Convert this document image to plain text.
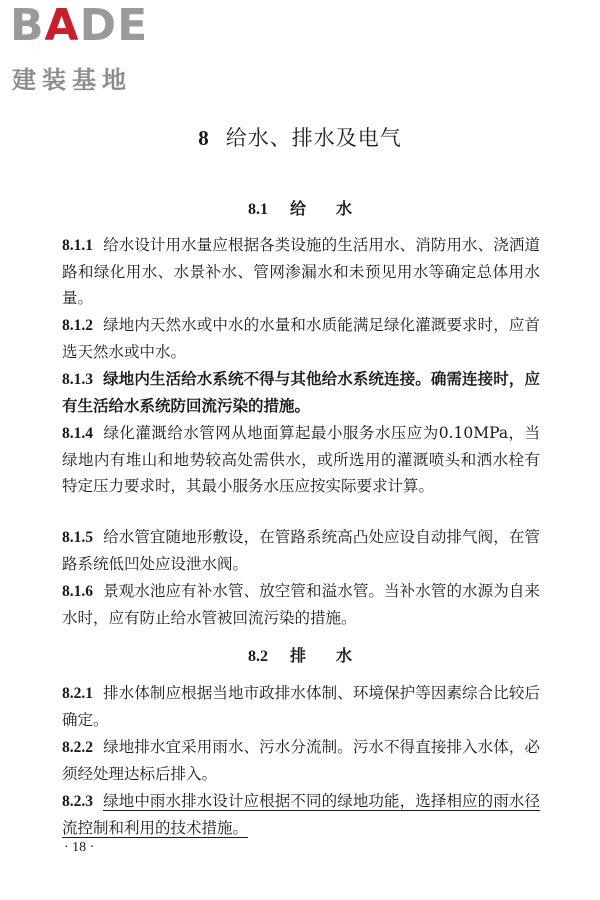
BADE
建装基地
8 给水、排水及电气
8.1 给水
8.1.1 给水设计用水量应根据各类设施的生活用水、消防用水、浇洒道路和绿化用水、水景补水、管网渗漏水和未预见用水等确定总体用水量。
8.1.2 绿地内天然水或中水的水量和水质能满足绿化灌溉要求时，应首选天然水或中水。
8.1.3 绿地内生活给水系统不得与其他给水系统连接。确需连接时，应有生活给水系统防回流污染的措施。
8.1.4 绿化灌溉给水管网从地面算起最小服务水压应为0.10MPa，当绿地内有堆山和地势较高处需供水，或所选用的灌溉喷头和洒水栓有特定压力要求时，其最小服务水压应按实际要求计算。
8.1.5 给水管宜随地形敷设，在管路系统高凸处应设自动排气阀，在管路系统低凹处应设泄水阀。
8.1.6 景观水池应有补水管、放空管和溢水管。当补水管的水源为自来水时，应有防止给水管被回流污染的措施。
8.2 排水
8.2.1 排水体制应根据当地市政排水体制、环境保护等因素综合比较后确定。
8.2.2 绿地排水宜采用雨水、污水分流制。污水不得直接排入水体，必须经处理达标后排入。
8.2.3 绿地中雨水排水设计应根据不同的绿地功能，选择相应的雨水径流控制和利用的技术措施。
· 18 ·
